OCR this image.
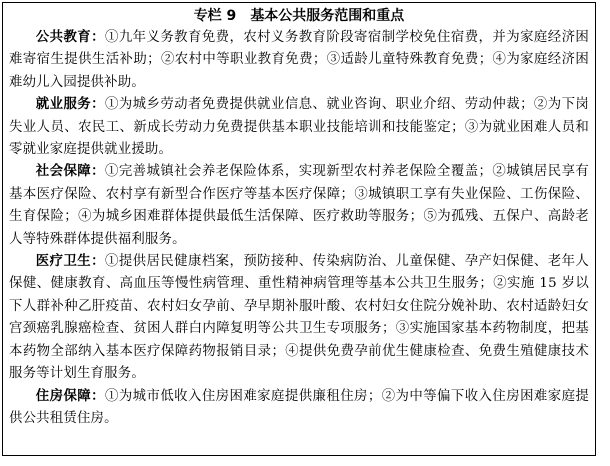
专栏 9 基本公共服务范围和重点

公共教育：①九年义务教育免费，农村义务教育阶段寄宿制学校免住宿费，并为家庭经济困难寄宿生提供生活补助；②农村中等职业教育免费；③适龄儿童特殊教育免费；④为家庭经济困难幼儿入园提供补助。

就业服务：①为城乡劳动者免费提供就业信息、就业咨询、职业介绍、劳动仲裁；②为下岗失业人员、农民工、新成长劳动力免费提供基本职业技能培训和技能鉴定；③为就业困难人员和零就业家庭提供就业援助。

社会保障：①完善城镇社会养老保险体系，实现新型农村养老保险全覆盖；②城镇居民享有基本医疗保险、农村享有新型合作医疗等基本医疗保障；③城镇职工享有失业保险、工伤保险、生育保险；④为城乡困难群体提供最低生活保障、医疗救助等服务；⑤为孤残、五保户、高龄老人等特殊群体提供福利服务。

医疗卫生：①提供居民健康档案，预防接种、传染病防治、儿童保健、孕产妇保健、老年人保健、健康教育、高血压等慢性病管理、重性精神病管理等基本公共卫生服务；②实施 15 岁以下人群补种乙肝疫苗、农村妇女孕前、孕早期补服叶酸、农村妇女住院分娩补助、农村适龄妇女宫颈癌乳腺癌检查、贫困人群白内障复明等公共卫生专项服务；③实施国家基本药物制度，把基本药物全部纳入基本医疗保障药物报销目录；④提供免费孕前优生健康检查、免费生殖健康技术服务等计划生育服务。

住房保障：①为城市低收入住房困难家庭提供廉租住房；②为中等偏下收入住房困难家庭提供公共租赁住房。
